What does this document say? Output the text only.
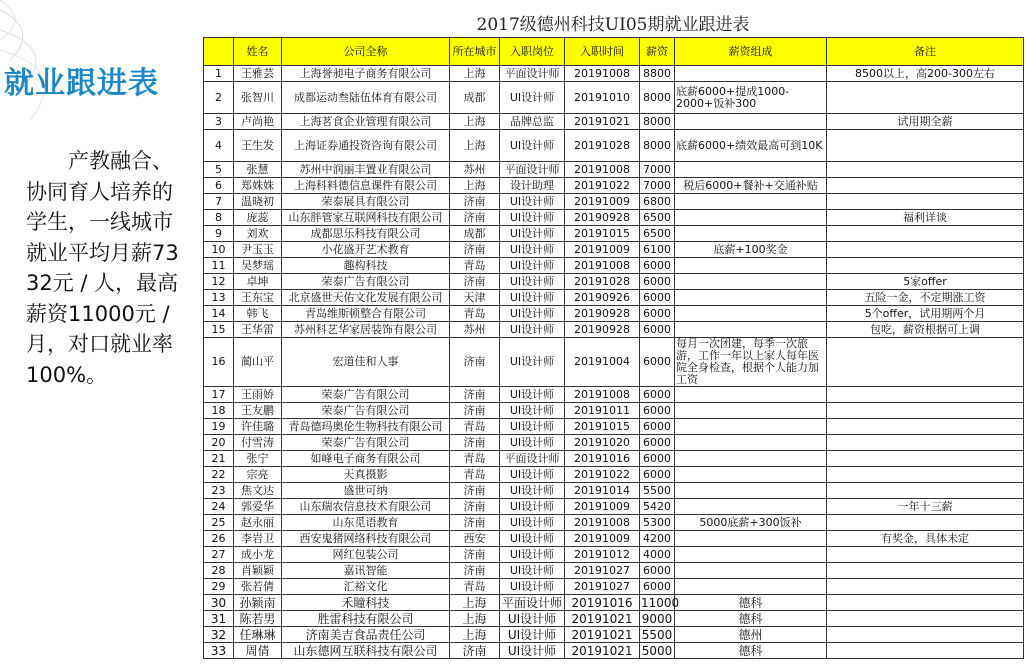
就业跟进表
产教融合、协同育人培养的学生，一线城市就业平均月薪7332元 / 人，最高薪资11000元 / 月，对口就业率100%。
2017级德州科技UI05期就业跟进表
	姓名	公司全称	所在城市	入职岗位	入职时间	薪资	薪资组成	备注
1	王雅芸	上海誉昶电子商务有限公司	上海	平面设计师	20191008	8800		8500以上，高200-300左右
2	张智川	成都运动叁陆伍体育有限公司	成都	UI设计师	20191010	8000	底薪6000+提成1000-2000+饭补300	
3	卢尚艳	上海茗食企业管理有限公司	上海	品牌总监	20191021	8000		试用期全薪
4	王生发	上海证券通投资咨询有限公司	上海	UI设计师	20191028	8000	底薪6000+绩效最高可到10K	
5	张慧	苏州中润丽丰置业有限公司	苏州	平面设计师	20191008	7000		
6	郑姝姝	上海科料德信息课件有限公司	上海	设计助理	20191022	7000	税后6000+餐补+交通补贴	
7	温晓初	荣泰展具有限公司	济南	UI设计师	20191009	6800		
8	庞蕊	山东胖管家互联网科技有限公司	济南	UI设计师	20190928	6500		福利详谈
9	刘欢	成都思乐科技有限公司	成都	UI设计师	20191015	6500		
10	尹玉玉	小花盛开艺术教育	济南	UI设计师	20191009	6100	底薪+100奖金	
11	吴梦瑶	趣构科技	青岛	UI设计师	20191008	6000		
12	卓坤	荣泰广告有限公司	济南	UI设计师	20191028	6000		5家offer
13	王东宝	北京盛世天佑文化发展有限公司	天津	UI设计师	20190926	6000		五险一金，不定期涨工资
14	韩飞	青岛维斯顿整合有限公司	青岛	UI设计师	20190928	6000		5个offer，试用期两个月
15	王华雷	苏州科艺华家居装饰有限公司	苏州	UI设计师	20190928	6000		包吃，薪资根据可上调
16	蔺山平	宏道佳和人事	济南	UI设计师	20191004	6000	每月一次团建，每季一次旅游，工作一年以上家人每年医院全身检查，根据个人能力加工资	
17	王雨娇	荣泰广告有限公司	济南	UI设计师	20191008	6000		
18	王友鹏	荣泰广告有限公司	济南	UI设计师	20191011	6000		
19	许佳璐	青岛德玛奥伦生物科技有限公司	青岛	UI设计师	20191015	6000		
20	付雪涛	荣泰广告有限公司	济南	UI设计师	20191020	6000		
21	张宁	如峰电子商务有限公司	青岛	平面设计师	20191016	6000		
22	宗亮	天真摄影	青岛	UI设计师	20191022	6000		
23	焦文达	盛世可纳	济南	UI设计师	20191014	5500		
24	郭爱华	山东瑞农信息技术有限公司	济南	UI设计师	20191009	5420		一年十三薪
25	赵永丽	山东觅语教育	济南	UI设计师	20191008	5300	5000底薪+300饭补	
26	李岩卫	西安鬼猪网络科技有限公司	西安	UI设计师	20191009	4200		有奖金，具体未定
27	成小龙	网红包装公司	济南	UI设计师	20191012	4000		
28	肖颖颖	嘉讯智能	济南	UI设计师	20191027	6000		
29	张若倩	汇裕文化	青岛	UI设计师	20191027	6000		
30	孙颖南	禾瞳科技	上海	平面设计师	20191016	11000	德科	
31	陈若男	胜雷科技有限公司	上海	UI设计师	20191021	9000	德科	
32	任琳琳	济南美吉食品责任公司	上海	UI设计师	20191021	5500	德州	
33	周倩	山东德网互联科技有限公司	济南	UI设计师	20191021	5000	德科	
